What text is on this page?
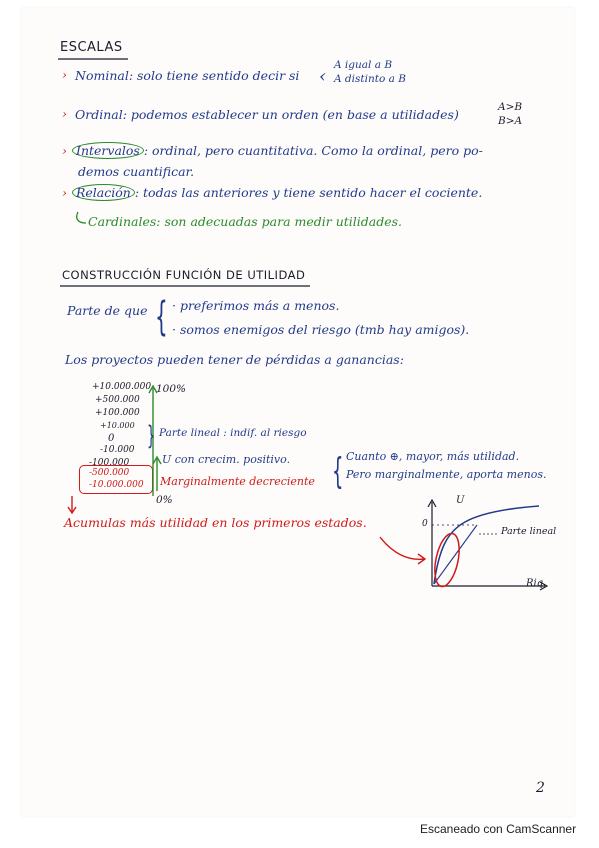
ESCALAS
› Nominal: solo tiene sentido decir si ‹
A igual a B
A distinto a B
› Ordinal: podemos establecer un orden (en base a utilidades)	A>B
B>A
› Intervalos : ordinal, pero cuantitativa. Como la ordinal, pero po-
demos cuantificar.
› Relación : todas las anteriores y tiene sentido hacer el cociente.
Cardinales: son adecuadas para medir utilidades.
CONSTRUCCIÓN FUNCIÓN DE UTILIDAD
Parte de que { · preferimos más a menos.
· somos enemigos del riesgo (tmb hay amigos).
Los proyectos pueden tener de pérdidas a ganancias:
+10.000.000
+500.000
+100.000
+10.000
0
-10.000
-100.000
-500.000
-10.000.000
100%
0%
} Parte lineal : indif. al riesgo
U con crecim. positivo.
Marginalmente decreciente { Cuanto ⊕, mayor, más utilidad.
Pero marginalmente, aporta menos.
Acumulas más utilidad en los primeros estados.
U
0
Parte lineal
Riq.
2
Escaneado con CamScanner
